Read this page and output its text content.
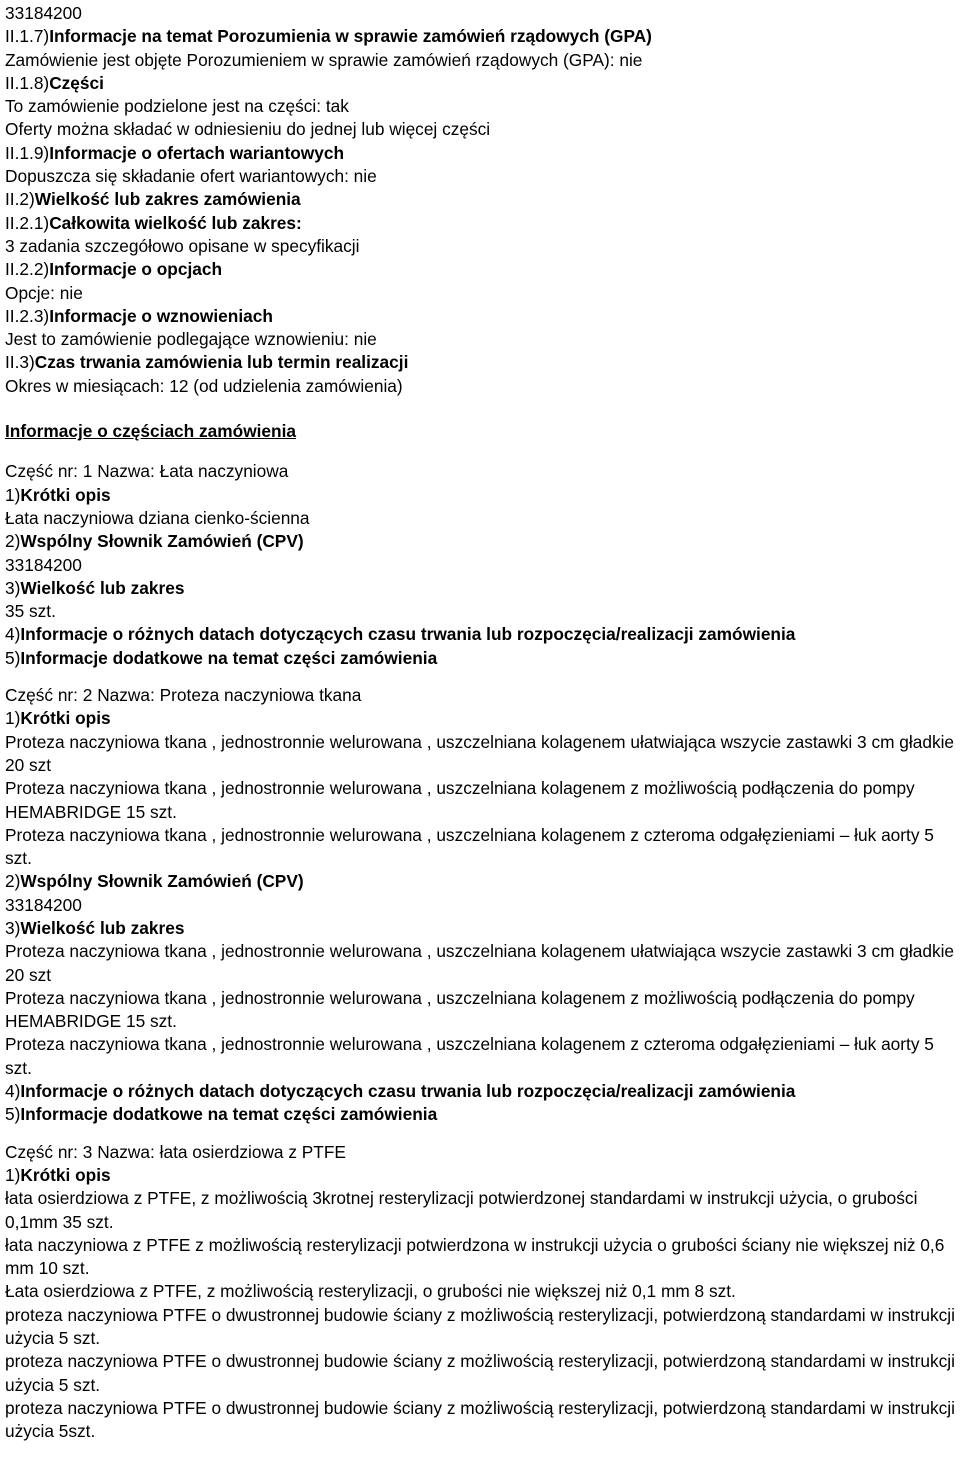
33184200
II.1.7)Informacje na temat Porozumienia w sprawie zamówień rządowych (GPA)
Zamówienie jest objęte Porozumieniem w sprawie zamówień rządowych (GPA): nie
II.1.8)Części
To zamówienie podzielone jest na części: tak
Oferty można składać w odniesieniu do jednej lub więcej części
II.1.9)Informacje o ofertach wariantowych
Dopuszcza się składanie ofert wariantowych: nie
II.2)Wielkość lub zakres zamówienia
II.2.1)Całkowita wielkość lub zakres:
3 zadania szczegółowo opisane w specyfikacji
II.2.2)Informacje o opcjach
Opcje: nie
II.2.3)Informacje o wznowieniach
Jest to zamówienie podlegające wznowieniu: nie
II.3)Czas trwania zamówienia lub termin realizacji
Okres w miesiącach: 12 (od udzielenia zamówienia)
Informacje o częściach zamówienia
Część nr: 1 Nazwa: Łata naczyniowa
1)Krótki opis
Łata naczyniowa dziana cienko-ścienna
2)Wspólny Słownik Zamówień (CPV)
33184200
3)Wielkość lub zakres
35 szt.
4)Informacje o różnych datach dotyczących czasu trwania lub rozpoczęcia/realizacji zamówienia
5)Informacje dodatkowe na temat części zamówienia
Część nr: 2 Nazwa: Proteza naczyniowa tkana
1)Krótki opis
Proteza naczyniowa tkana , jednostronnie welurowana , uszczelniana kolagenem ułatwiająca wszycie zastawki 3 cm gładkie 20 szt
Proteza naczyniowa tkana , jednostronnie welurowana , uszczelniana kolagenem z możliwością podłączenia do pompy HEMABRIDGE 15 szt.
Proteza naczyniowa tkana , jednostronnie welurowana , uszczelniana kolagenem z czteroma odgałęzieniami – łuk aorty 5 szt.
2)Wspólny Słownik Zamówień (CPV)
33184200
3)Wielkość lub zakres
Proteza naczyniowa tkana , jednostronnie welurowana , uszczelniana kolagenem ułatwiająca wszycie zastawki 3 cm gładkie 20 szt
Proteza naczyniowa tkana , jednostronnie welurowana , uszczelniana kolagenem z możliwością podłączenia do pompy HEMABRIDGE 15 szt.
Proteza naczyniowa tkana , jednostronnie welurowana , uszczelniana kolagenem z czteroma odgałęzieniami – łuk aorty 5 szt.
4)Informacje o różnych datach dotyczących czasu trwania lub rozpoczęcia/realizacji zamówienia
5)Informacje dodatkowe na temat części zamówienia
Część nr: 3 Nazwa: łata osierdziowa z PTFE
1)Krótki opis
łata osierdziowa z PTFE, z możliwością 3krotnej resterylizacji potwierdzonej standardami w instrukcji użycia, o grubości 0,1mm 35 szt.
łata naczyniowa z PTFE z możliwością resterylizacji potwierdzona w instrukcji użycia o grubości ściany nie większej niż 0,6 mm 10 szt.
Łata osierdziowa z PTFE, z możliwością resterylizacji, o grubości nie większej niż 0,1 mm 8 szt.
proteza naczyniowa PTFE o dwustronnej budowie ściany z możliwością resterylizacji, potwierdzoną standardami w instrukcji użycia 5 szt.
proteza naczyniowa PTFE o dwustronnej budowie ściany z możliwością resterylizacji, potwierdzoną standardami w instrukcji użycia 5 szt.
proteza naczyniowa PTFE o dwustronnej budowie ściany z możliwością resterylizacji, potwierdzoną standardami w instrukcji użycia 5szt.
